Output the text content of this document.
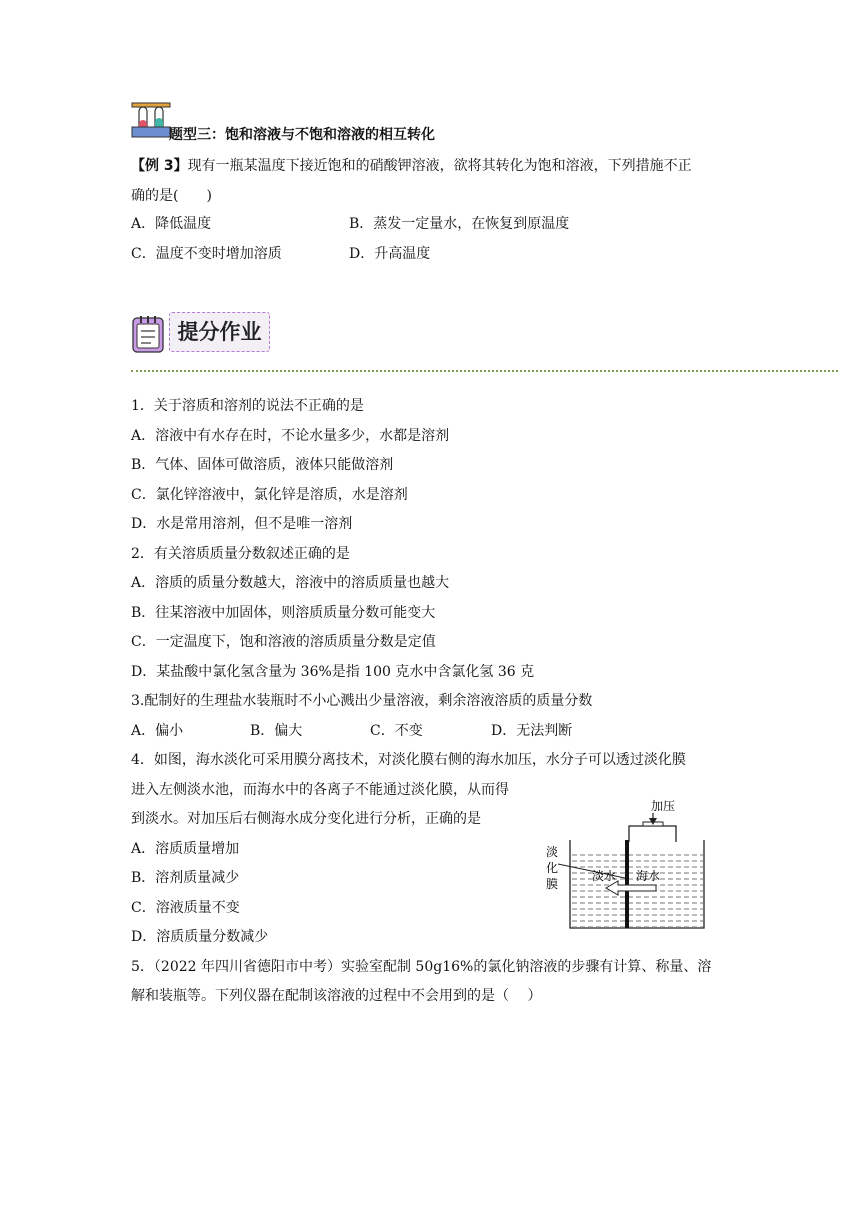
题型三：饱和溶液与不饱和溶液的相互转化
【例 3】现有一瓶某温度下接近饱和的硝酸钾溶液，欲将其转化为饱和溶液，下列措施不正
确的是(　　)
A．降低温度	B．蒸发一定量水，在恢复到原温度
C．温度不变时增加溶质	D．升高温度
提分作业
1．关于溶质和溶剂的说法不正确的是
A．溶液中有水存在时，不论水量多少，水都是溶剂
B．气体、固体可做溶质，液体只能做溶剂
C．氯化锌溶液中，氯化锌是溶质，水是溶剂
D．水是常用溶剂，但不是唯一溶剂
2．有关溶质质量分数叙述正确的是
A．溶质的质量分数越大，溶液中的溶质质量也越大
B．往某溶液中加固体，则溶质质量分数可能变大
C．一定温度下，饱和溶液的溶质质量分数是定值
D．某盐酸中氯化氢含量为 36%是指 100 克水中含氯化氢 36 克
3.配制好的生理盐水装瓶时不小心溅出少量溶液，剩余溶液溶质的质量分数
A．偏小	B．偏大	C．不变	D．无法判断
4．如图，海水淡化可采用膜分离技术，对淡化膜右侧的海水加压，水分子可以透过淡化膜
进入左侧淡水池，而海水中的各离子不能通过淡化膜，从而得
到淡水。对加压后右侧海水成分变化进行分析，正确的是
A．溶质质量增加
B．溶剂质量减少
C．溶液质量不变
D．溶质质量分数减少
加压
淡
化
膜
淡水 海水
5．（2022 年四川省德阳市中考）实验室配制 50g16%的氯化钠溶液的步骤有计算、称量、溶
解和装瓶等。下列仪器在配制该溶液的过程中不会用到的是（　 ）
